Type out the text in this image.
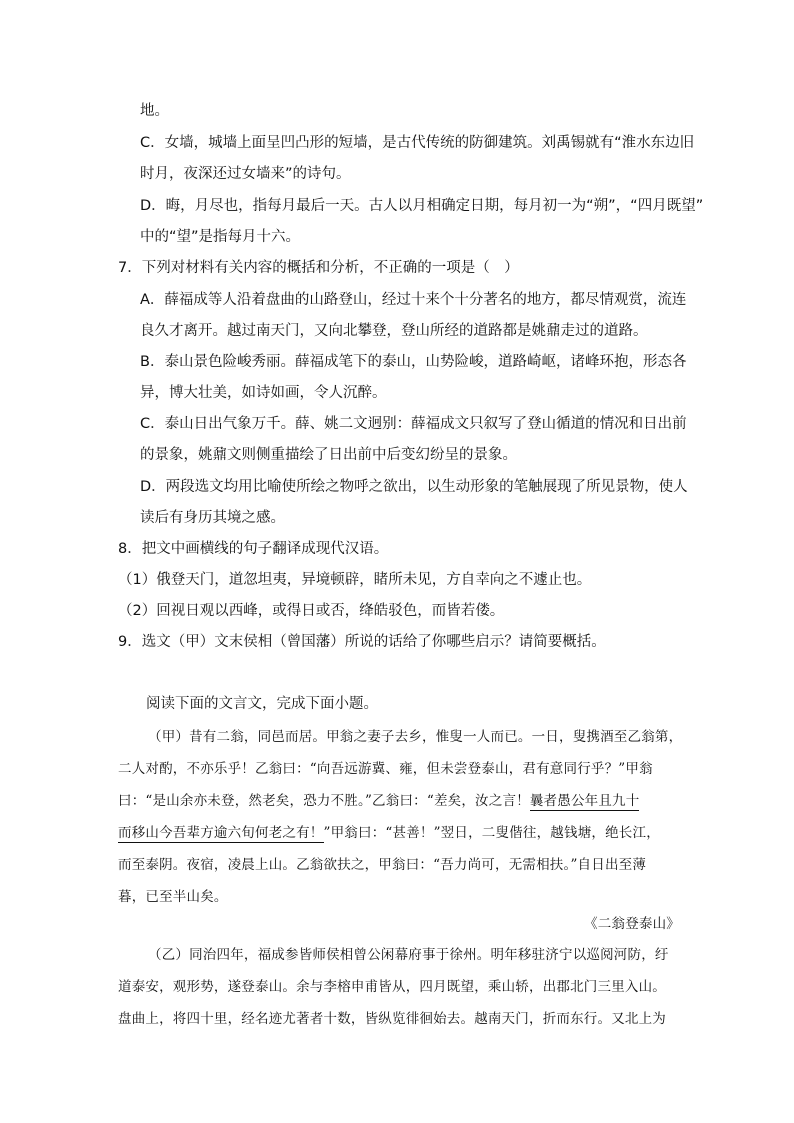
地。
C．女墙，城墙上面呈凹凸形的短墙，是古代传统的防御建筑。刘禹锡就有“淮水东边旧
时月，夜深还过女墙来”的诗句。
D．晦，月尽也，指每月最后一天。古人以月相确定日期，每月初一为“朔”，“四月既望”
中的“望”是指每月十六。
7．下列对材料有关内容的概括和分析，不正确的一项是（　）
A．薛福成等人沿着盘曲的山路登山，经过十来个十分著名的地方，都尽情观赏，流连
良久才离开。越过南天门，又向北攀登，登山所经的道路都是姚鼐走过的道路。
B．泰山景色险峻秀丽。薛福成笔下的泰山，山势险峻，道路崎岖，诸峰环抱，形态各
异，博大壮美，如诗如画，令人沉醉。
C．泰山日出气象万千。薛、姚二文迥别：薛福成文只叙写了登山循道的情况和日出前
的景象，姚鼐文则侧重描绘了日出前中后变幻纷呈的景象。
D．两段选文均用比喻使所绘之物呼之欲出，以生动形象的笔触展现了所见景物，使人
读后有身历其境之感。
8．把文中画横线的句子翻译成现代汉语。
（1）俄登天门，道忽坦夷，异境顿辟，睹所未见，方自幸向之不遽止也。
（2）回视日观以西峰，或得日或否，绛皓驳色，而皆若偻。
9．选文（甲）文末侯相（曾国藩）所说的话给了你哪些启示？请简要概括。
阅读下面的文言文，完成下面小题。
（甲）昔有二翁，同邑而居。甲翁之妻子去乡，惟叟一人而已。一日，叟携酒至乙翁第，
二人对酌，不亦乐乎！乙翁曰：“向吾远游冀、雍，但未尝登泰山，君有意同行乎？”甲翁
曰：“是山余亦未登，然老矣，恐力不胜。”乙翁曰：“差矣，汝之言！曩者愚公年且九十
而移山今吾辈方逾六旬何老之有！”甲翁曰：“甚善！”翌日，二叟偕往，越钱塘，绝长江，
而至泰阴。夜宿，凌晨上山。乙翁欲扶之，甲翁曰：“吾力尚可，无需相扶。”自日出至薄
暮，已至半山矣。
《二翁登泰山》
（乙）同治四年，福成参皆师侯相曾公闲幕府事于徐州。明年移驻济宁以巡阅河防，纡
道泰安，观形势，遂登泰山。余与李榕申甫皆从，四月既望，乘山轿，出郡北门三里入山。
盘曲上，将四十里，经名迹尤著者十数，皆纵览徘徊始去。越南天门，折而东行。又北上为
